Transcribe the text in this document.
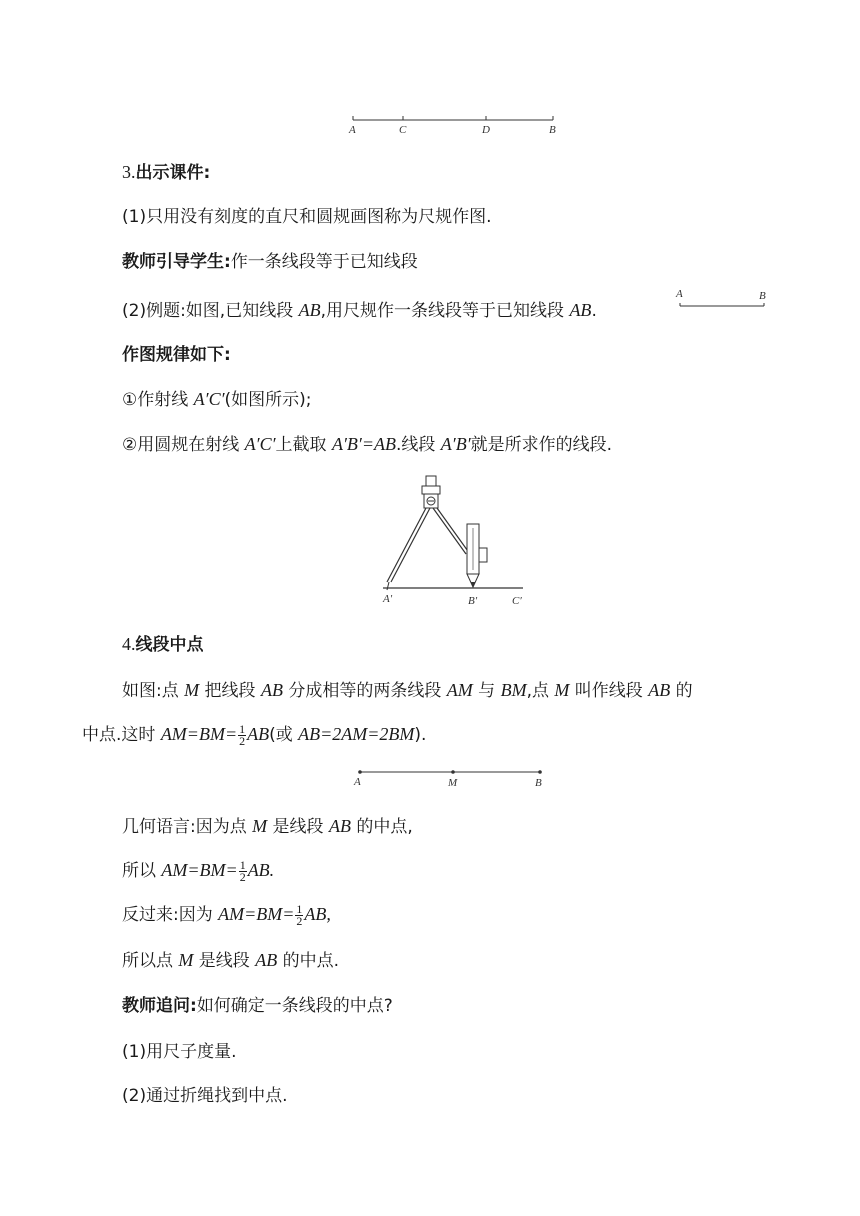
A	C	D	B
3.出示课件:
(1)只用没有刻度的直尺和圆规画图称为尺规作图.
教师引导学生:作一条线段等于已知线段
(2)例题:如图,已知线段 AB,用尺规作一条线段等于已知线段 AB.
A	B
作图规律如下:
①作射线 A′C′(如图所示);
②用圆规在射线 A′C′上截取 A′B′=AB.线段 A′B′就是所求作的线段.
A′	B′	C′
4.线段中点
如图:点 M 把线段 AB 分成相等的两条线段 AM 与 BM,点 M 叫作线段 AB 的
中点.这时 $AM=BM= \frac{1}{2} AB$(或 AB=2AM=2BM).
A	M	B
几何语言:因为点 M 是线段 AB 的中点,
所以 $AM=BM= \frac{1}{2}$ AB.
反过来:因为 $AM=BM= \frac{1}{2}$ AB,
所以点 M 是线段 AB 的中点.
教师追问:如何确定一条线段的中点?
(1)用尺子度量.
(2)通过折绳找到中点.
